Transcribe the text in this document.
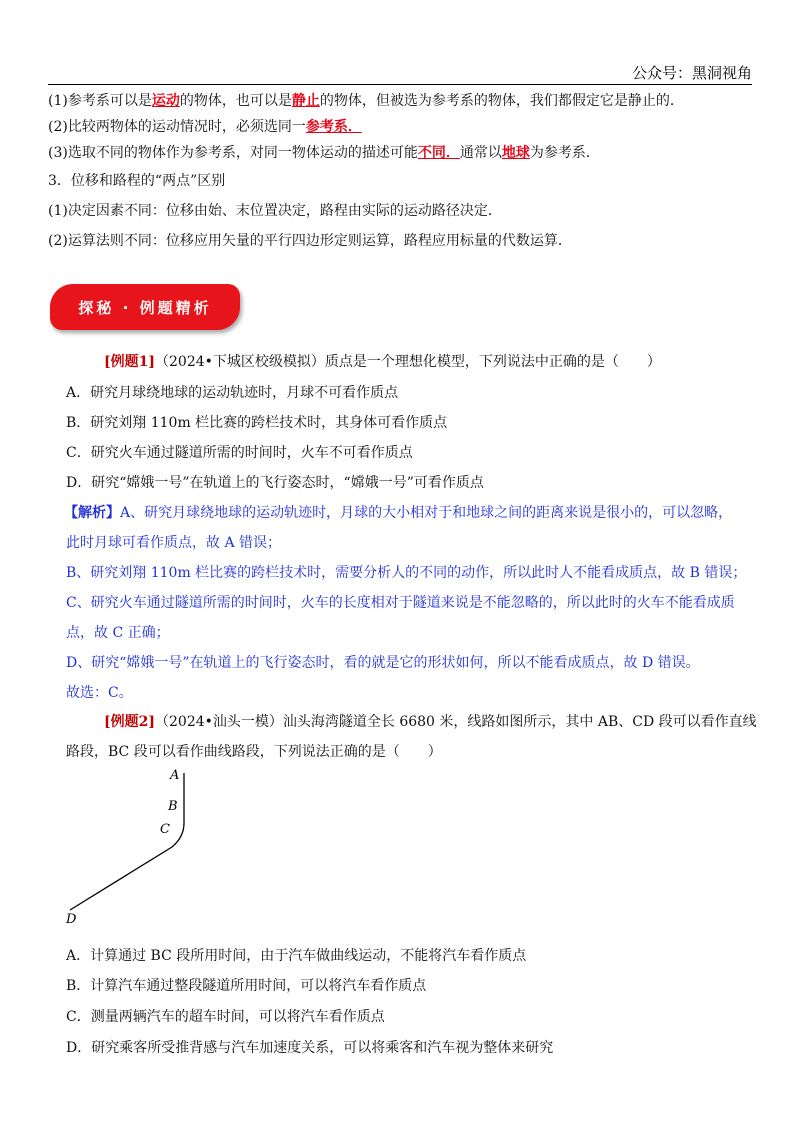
公众号：黑洞视角
(1)参考系可以是运动的物体，也可以是静止的物体，但被选为参考系的物体，我们都假定它是静止的．
(2)比较两物体的运动情况时，必须选同一参考系．
(3)选取不同的物体作为参考系，对同一物体运动的描述可能不同．通常以地球为参考系．
3．位移和路程的“两点”区别
(1)决定因素不同：位移由始、末位置决定，路程由实际的运动路径决定．
(2)运算法则不同：位移应用矢量的平行四边形定则运算，路程应用标量的代数运算．
探秘 · 例题精析
[例题1]（2024•下城区校级模拟）质点是一个理想化模型，下列说法中正确的是（　　）
A．研究月球绕地球的运动轨迹时，月球不可看作质点
B．研究刘翔 110m 栏比赛的跨栏技术时，其身体可看作质点
C．研究火车通过隧道所需的时间时，火车不可看作质点
D．研究“嫦娥一号”在轨道上的飞行姿态时，“嫦娥一号”可看作质点
【解析】A、研究月球绕地球的运动轨迹时，月球的大小相对于和地球之间的距离来说是很小的，可以忽略，
此时月球可看作质点，故 A 错误；
B、研究刘翔 110m 栏比赛的跨栏技术时，需要分析人的不同的动作，所以此时人不能看成质点，故 B 错误；
C、研究火车通过隧道所需的时间时，火车的长度相对于隧道来说是不能忽略的，所以此时的火车不能看成质
点，故 C 正确；
D、研究“嫦娥一号”在轨道上的飞行姿态时，看的就是它的形状如何，所以不能看成质点，故 D 错误。
故选：C。
[例题2]（2024•汕头一模）汕头海湾隧道全长 6680 米，线路如图所示，其中 AB、CD 段可以看作直线
路段，BC 段可以看作曲线路段，下列说法正确的是（　　）
A
B
C
D
A．计算通过 BC 段所用时间，由于汽车做曲线运动，不能将汽车看作质点
B．计算汽车通过整段隧道所用时间，可以将汽车看作质点
C．测量两辆汽车的超车时间，可以将汽车看作质点
D．研究乘客所受推背感与汽车加速度关系，可以将乘客和汽车视为整体来研究
